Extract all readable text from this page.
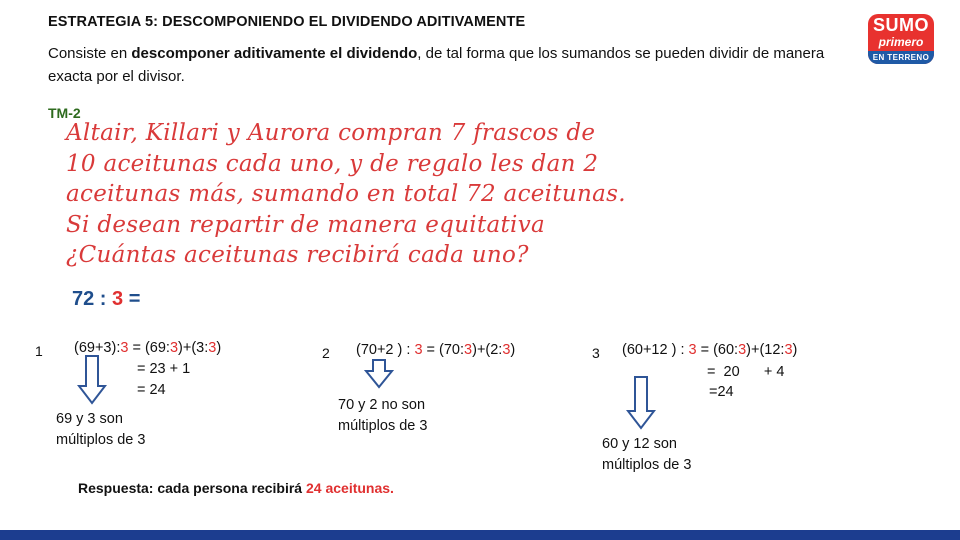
ESTRATEGIA 5: DESCOMPONIENDO EL DIVIDENDO ADITIVAMENTE
Consiste en descomponer aditivamente el dividendo, de tal forma que los sumandos se pueden dividir de manera exacta por el divisor.
SUMO
primero
EN TERRENO
TM-2
Altair, Killari y Aurora compran 7 frascos de 10 aceitunas cada uno, y de regalo les dan 2 aceitunas más, sumando en total 72 aceitunas. Si desean repartir de manera equitativa ¿Cuántas aceitunas recibirá cada uno?
72 : 3 =
1 (69+3):3 = (69:3)+(3:3)
= 23 + 1
= 24
69 y 3 son múltiplos de 3
2 (70+2 ) : 3 = (70:3)+(2:3)
70 y 2 no son múltiplos de 3
3 (60+12 ) : 3 = (60:3)+(12:3)
=  20      + 4
=24
60 y 12 son múltiplos de 3
Respuesta: cada persona recibirá 24 aceitunas.
